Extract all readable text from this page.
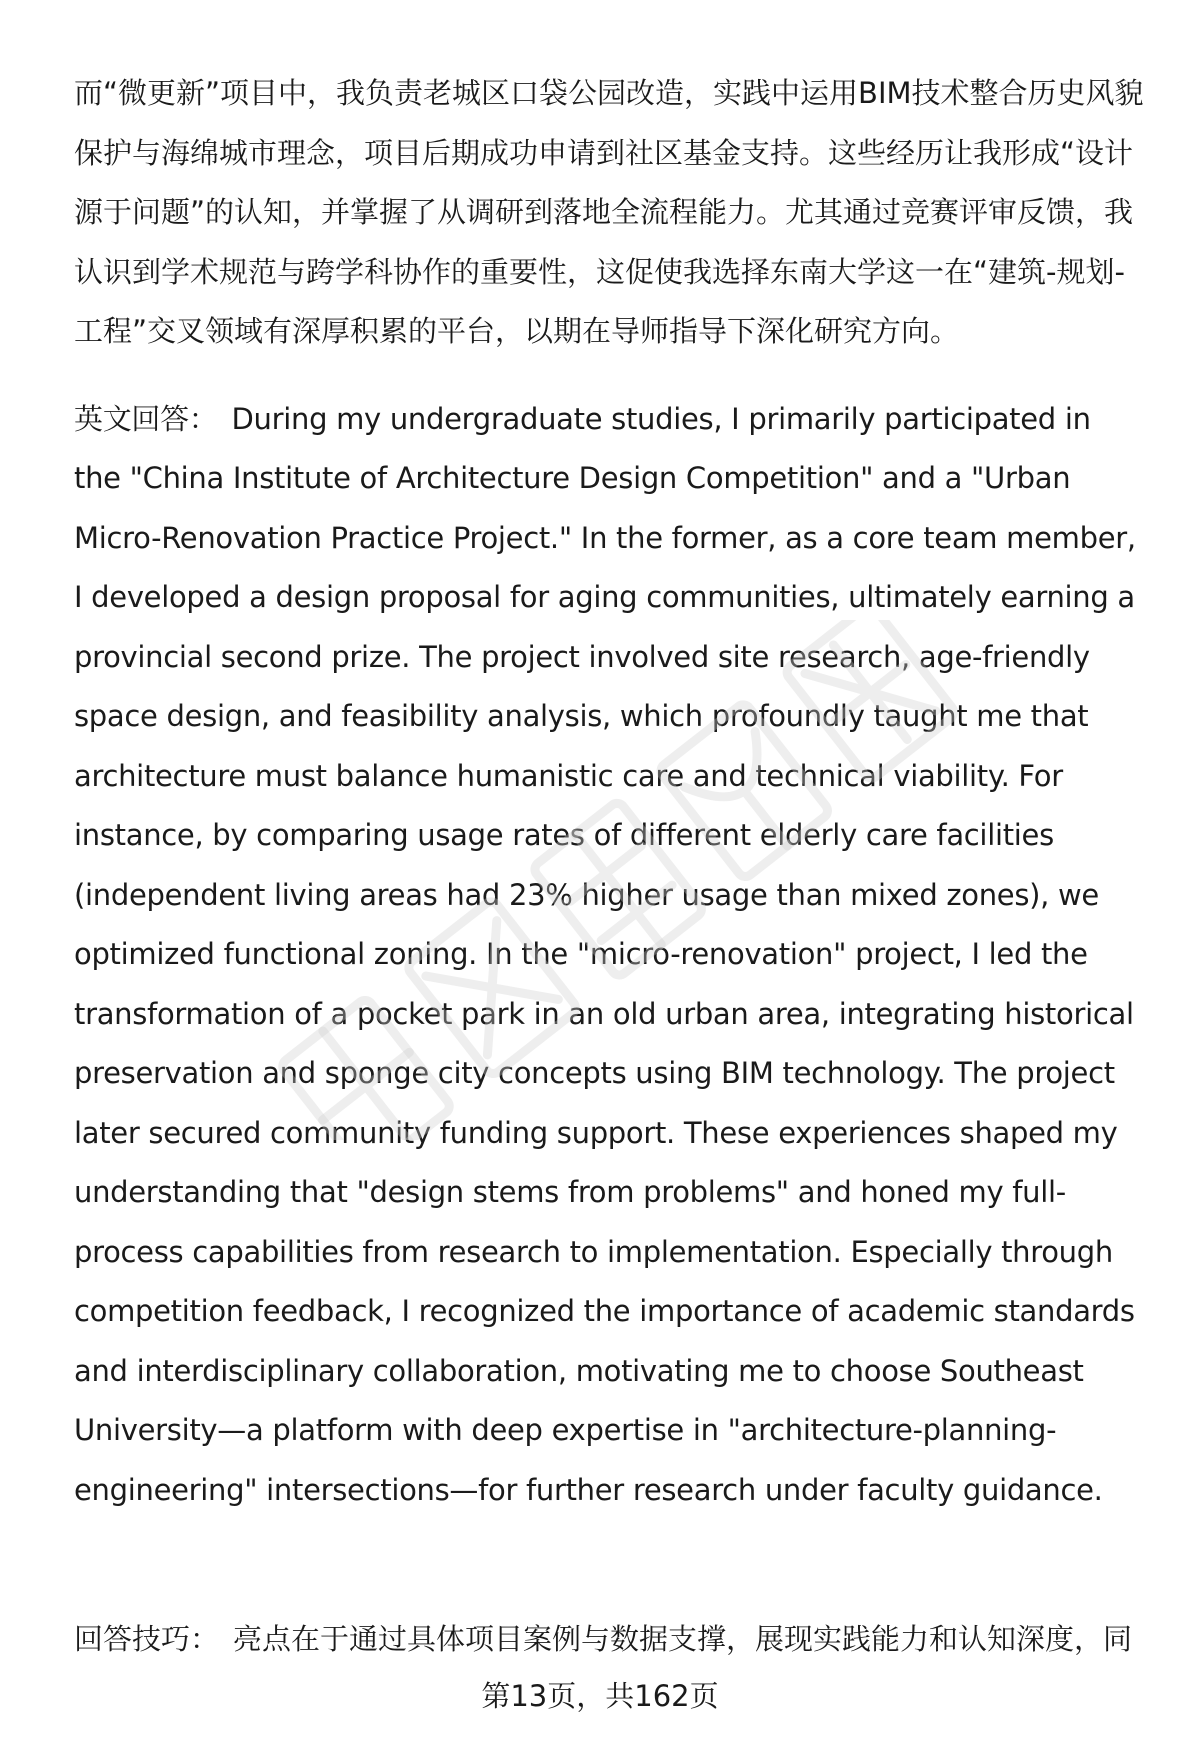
而“微更新”项目中，我负责老城区口袋公园改造，实践中运用BIM技术整合历史风貌保护与海绵城市理念，项目后期成功申请到社区基金支持。这些经历让我形成“设计源于问题”的认知，并掌握了从调研到落地全流程能力。尤其通过竞赛评审反馈，我认识到学术规范与跨学科协作的重要性，这促使我选择东南大学这一在“建筑-规划-工程”交叉领域有深厚积累的平台，以期在导师指导下深化研究方向。

英文回答： During my undergraduate studies, I primarily participated in the "China Institute of Architecture Design Competition" and a "Urban Micro-Renovation Practice Project." In the former, as a core team member, I developed a design proposal for aging communities, ultimately earning a provincial second prize. The project involved site research, age-friendly space design, and feasibility analysis, which profoundly taught me that architecture must balance humanistic care and technical viability. For instance, by comparing usage rates of different elderly care facilities (independent living areas had 23% higher usage than mixed zones), we optimized functional zoning. In the "micro-renovation" project, I led the transformation of a pocket park in an old urban area, integrating historical preservation and sponge city concepts using BIM technology. The project later secured community funding support. These experiences shaped my understanding that "design stems from problems" and honed my full-process capabilities from research to implementation. Especially through competition feedback, I recognized the importance of academic standards and interdisciplinary collaboration, motivating me to choose Southeast University—a platform with deep expertise in "architecture-planning-engineering" intersections—for further research under faculty guidance.

回答技巧： 亮点在于通过具体项目案例与数据支撑，展现实践能力和认知深度，同
第13页，共162页
